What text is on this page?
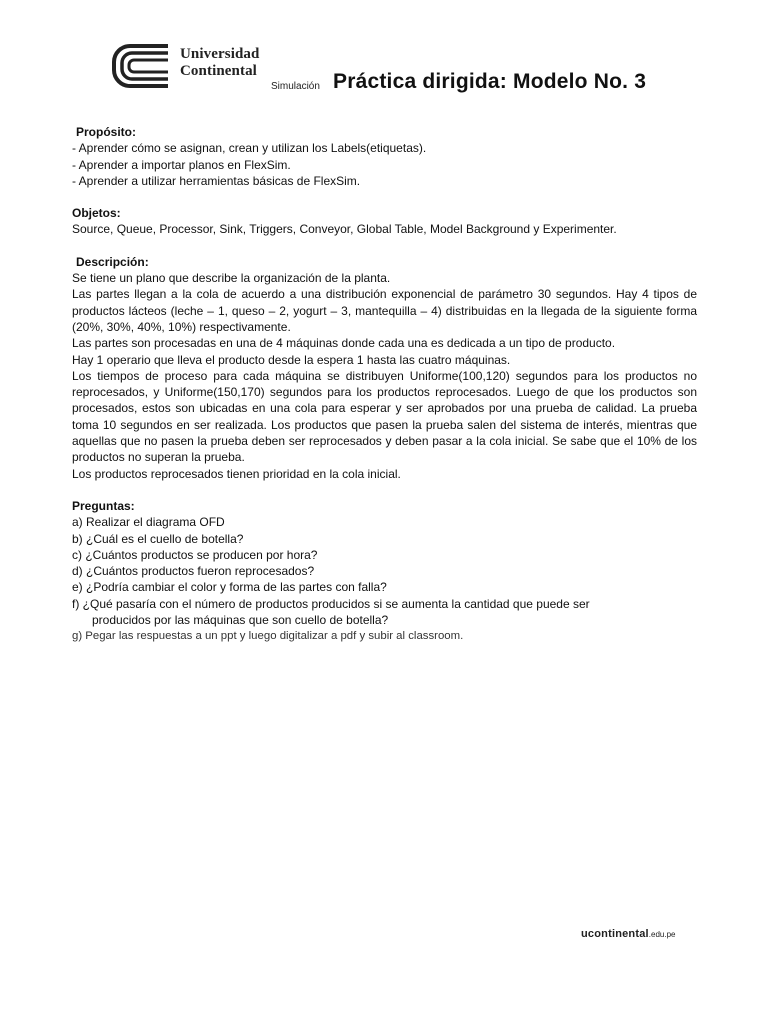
Universidad
Continental
Simulación Práctica dirigida: Modelo No. 3
Propósito:
- Aprender cómo se asignan, crean y utilizan los Labels(etiquetas).
- Aprender a importar planos en FlexSim.
- Aprender a utilizar herramientas básicas de FlexSim.
Objetos:
Source, Queue, Processor, Sink, Triggers, Conveyor, Global Table, Model Background y Experimenter.
Descripción:
Se tiene un plano que describe la organización de la planta.
Las partes llegan a la cola de acuerdo a una distribución exponencial de parámetro 30 segundos. Hay 4 tipos de productos lácteos (leche – 1, queso – 2, yogurt – 3, mantequilla – 4) distribuidas en la llegada de la siguiente forma (20%, 30%, 40%, 10%) respectivamente.
Las partes son procesadas en una de 4 máquinas donde cada una es dedicada a un tipo de producto.
Hay 1 operario que lleva el producto desde la espera 1 hasta las cuatro máquinas.
Los tiempos de proceso para cada máquina se distribuyen Uniforme(100,120) segundos para los productos no reprocesados, y Uniforme(150,170) segundos para los productos reprocesados. Luego de que los productos son procesados, estos son ubicadas en una cola para esperar y ser aprobados por una prueba de calidad. La prueba toma 10 segundos en ser realizada. Los productos que pasen la prueba salen del sistema de interés, mientras que aquellas que no pasen la prueba deben ser reprocesados y deben pasar a la cola inicial. Se sabe que el 10% de los productos no superan la prueba.
Los productos reprocesados tienen prioridad en la cola inicial.
Preguntas:
a) Realizar el diagrama OFD
b) ¿Cuál es el cuello de botella?
c) ¿Cuántos productos se producen por hora?
d) ¿Cuántos productos fueron reprocesados?
e) ¿Podría cambiar el color y forma de las partes con falla?
f) ¿Qué pasaría con el número de productos producidos si se aumenta la cantidad que puede ser
producidos por las máquinas que son cuello de botella?
g) Pegar las respuestas a un ppt y luego digitalizar a pdf y subir al classroom.
ucontinental.edu.pe
